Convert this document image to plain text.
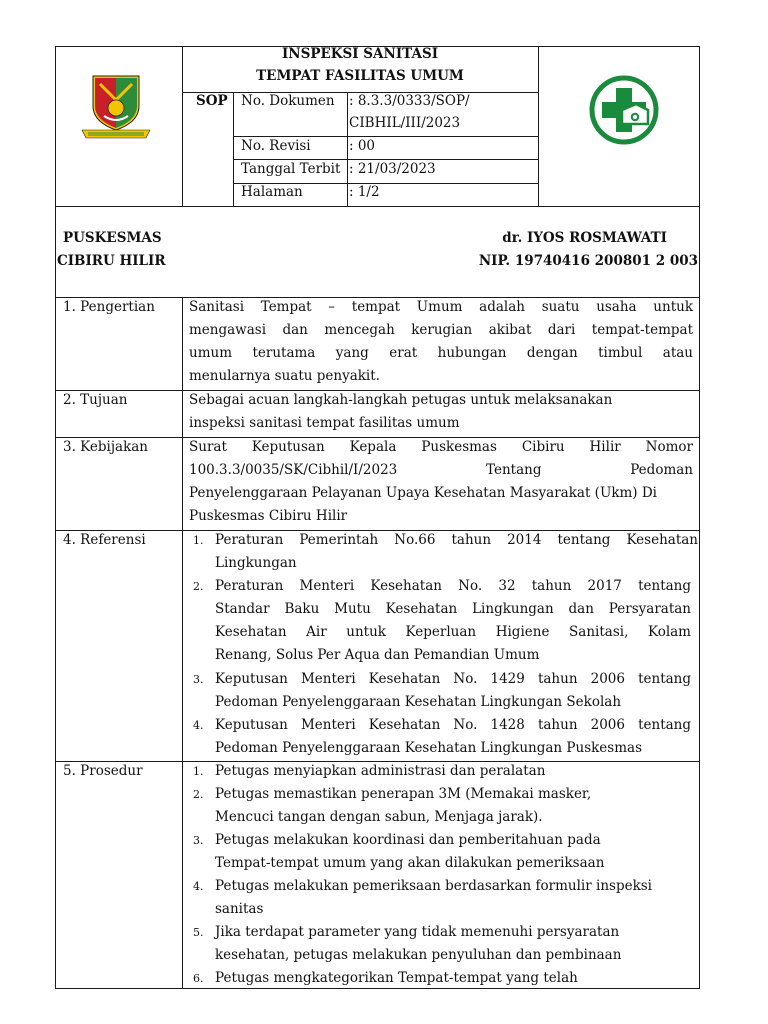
INSPEKSI SANITASI
TEMPAT FASILITAS UMUM
SOP No. Dokumen : 8.3.3/0333/SOP/
CIBHIL/III/2023
No. Revisi	: 00
Tanggal Terbit : 21/03/2023
Halaman	: 1/2
PUSKESMAS
CIBIRU HILIR
dr. IYOS ROSMAWATI
NIP. 19740416 200801 2 003
1. Pengertian	Sanitasi Tempat – tempat Umum adalah suatu usaha untuk
mengawasi dan mencegah kerugian akibat dari tempat-tempat
umum terutama yang erat hubungan dengan timbul atau
menularnya suatu penyakit.
2. Tujuan	Sebagai acuan langkah-langkah petugas untuk melaksanakan
inspeksi sanitasi tempat fasilitas umum
3. Kebijakan	Surat Keputusan Kepala Puskesmas Cibiru Hilir Nomor
100.3.3/0035/SK/Cibhil/I/2023 Tentang Pedoman
Penyelenggaraan Pelayanan Upaya Kesehatan Masyarakat (Ukm) Di
Puskesmas Cibiru Hilir
4. Referensi	1. Peraturan Pemerintah No.66 tahun 2014 tentang Kesehatan
Lingkungan
2. Peraturan Menteri Kesehatan No. 32 tahun 2017 tentang
Standar Baku Mutu Kesehatan Lingkungan dan Persyaratan
Kesehatan Air untuk Keperluan Higiene Sanitasi, Kolam
Renang, Solus Per Aqua dan Pemandian Umum
3. Keputusan Menteri Kesehatan No. 1429 tahun 2006 tentang
Pedoman Penyelenggaraan Kesehatan Lingkungan Sekolah
4. Keputusan Menteri Kesehatan No. 1428 tahun 2006 tentang
Pedoman Penyelenggaraan Kesehatan Lingkungan Puskesmas
5. Prosedur	1. Petugas menyiapkan administrasi dan peralatan
2. Petugas memastikan penerapan 3M (Memakai masker,
Mencuci tangan dengan sabun, Menjaga jarak).
3. Petugas melakukan koordinasi dan pemberitahuan pada
Tempat-tempat umum yang akan dilakukan pemeriksaan
4. Petugas melakukan pemeriksaan berdasarkan formulir inspeksi
sanitas
5. Jika terdapat parameter yang tidak memenuhi persyaratan
kesehatan, petugas melakukan penyuluhan dan pembinaan
6. Petugas mengkategorikan Tempat-tempat yang telah
